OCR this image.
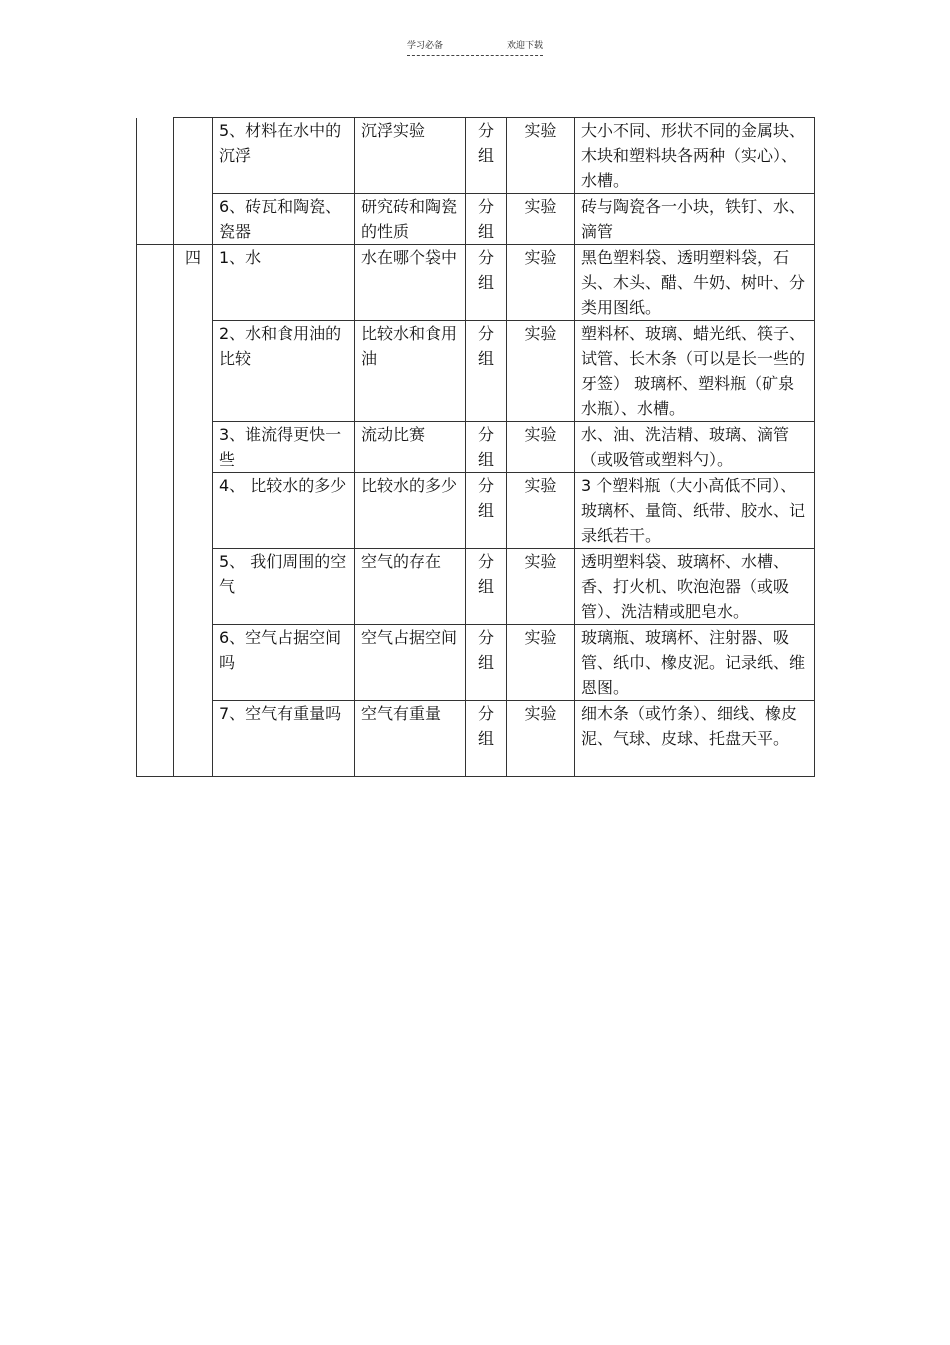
学习必备	欢迎下载
		5、材料在水中的沉浮	沉浮实验	分组	实验	大小不同、形状不同的金属块、木块和塑料块各两种（实心）、水槽。
		6、砖瓦和陶瓷、瓷器	研究砖和陶瓷的性质	分组	实验	砖与陶瓷各一小块，铁钉、水、滴管
	四	1、水	水在哪个袋中	分组	实验	黑色塑料袋、透明塑料袋，石头、木头、醋、牛奶、树叶、分类用图纸。
		2、水和食用油的比较	比较水和食用油	分组	实验	塑料杯、玻璃、蜡光纸、筷子、试管、长木条（可以是长一些的牙签） 玻璃杯、塑料瓶（矿泉水瓶）、水槽。
		3、谁流得更快一些	流动比赛	分组	实验	水、油、洗洁精、玻璃、滴管（或吸管或塑料勺）。
		4、 比较水的多少	比较水的多少	分组	实验	3 个塑料瓶（大小高低不同）、玻璃杯、量筒、纸带、胶水、记录纸若干。
		5、 我们周围的空气	空气的存在	分组	实验	透明塑料袋、玻璃杯、水槽、香、打火机、吹泡泡器（或吸管）、洗洁精或肥皂水。
		6、空气占据空间吗	空气占据空间	分组	实验	玻璃瓶、玻璃杯、注射器、吸管、纸巾、橡皮泥。记录纸、维恩图。
		7、空气有重量吗	空气有重量	分组	实验	细木条（或竹条）、细线、橡皮泥、气球、皮球、托盘天平。
